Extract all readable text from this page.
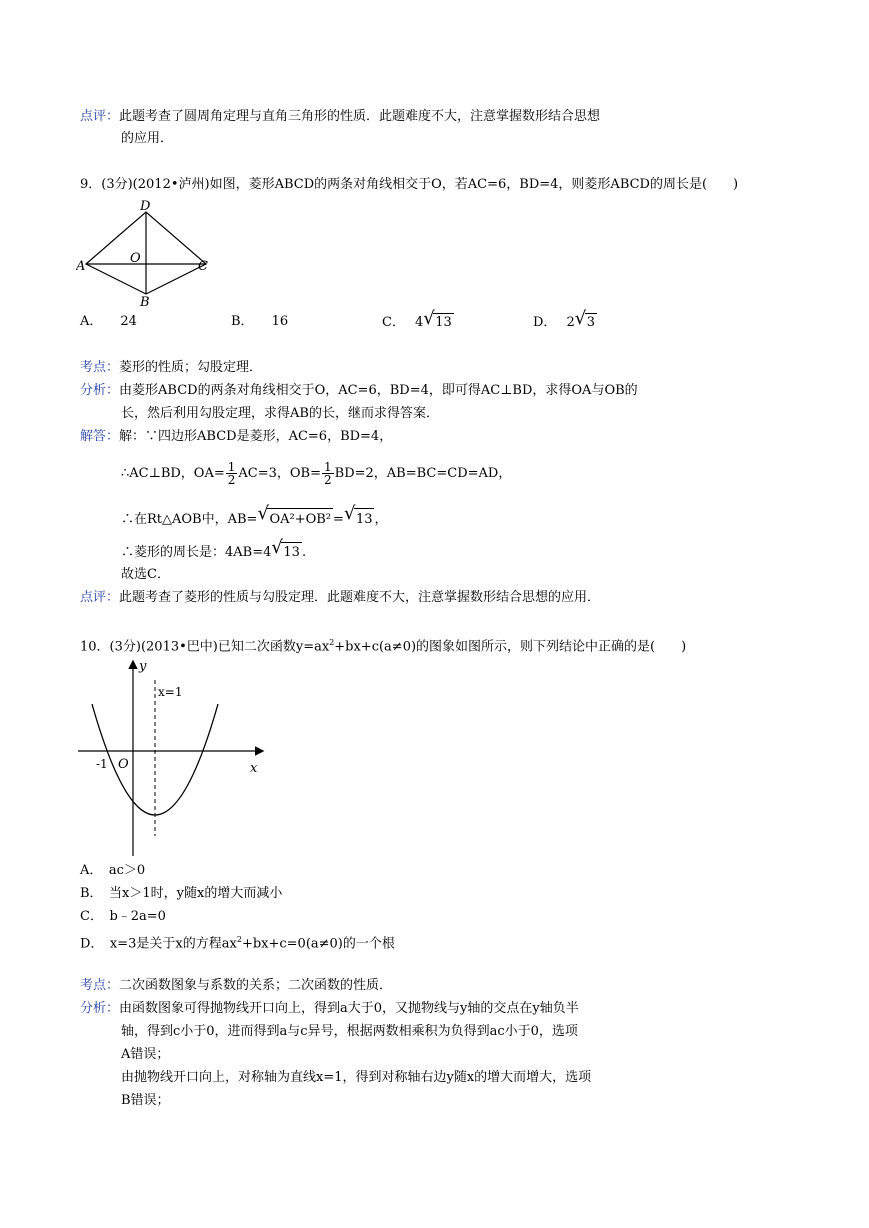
点评：此题考查了圆周角定理与直角三角形的性质．此题难度不大，注意掌握数形结合思想
的应用．
9．(3分)(2012•泸州)如图，菱形ABCD的两条对角线相交于O，若AC=6，BD=4，则菱形ABCD的周长是(　　)
D
A
O
C
B
A． 24	B． 16	C． 4 √ 13	D． 2 √ 3
考点：菱形的性质；勾股定理．
分析：由菱形ABCD的两条对角线相交于O，AC=6，BD=4，即可得AC⊥BD，求得OA与OB的
长，然后利用勾股定理，求得AB的长，继而求得答案．
解答：解：∵四边形ABCD是菱形，AC=6，BD=4，
∴AC⊥BD，$OA= \frac{1}{2} AC=3$，$OB= \frac{1}{2} BD=2$，AB=BC=CD=AD，
∴在Rt△AOB中，AB= √ OA²+OB² = √ 13 ，
∴菱形的周长是：4AB=4 √ 13 .
故选C．
点评：此题考查了菱形的性质与勾股定理．此题难度不大，注意掌握数形结合思想的应用．
10．(3分)(2013•巴中)已知二次函数$y=ax^2+bx+c(a\ne 0)$的图象如图所示，则下列结论中正确的是(　　)
y
x=1
-1 O	x
A．　ac＞0
B．　当x＞1时，y随x的增大而减小
C．　b﹣2a=0
D．　x=3是关于x的方程$ax^2+bx+c=0(a\ne 0)$的一个根
考点：二次函数图象与系数的关系；二次函数的性质．
分析：由函数图象可得抛物线开口向上，得到a大于0，又抛物线与y轴的交点在y轴负半
轴，得到c小于0，进而得到a与c异号，根据两数相乘积为负得到ac小于0，选项
A错误；
由抛物线开口向上，对称轴为直线x=1，得到对称轴右边y随x的增大而增大，选项
B错误；
